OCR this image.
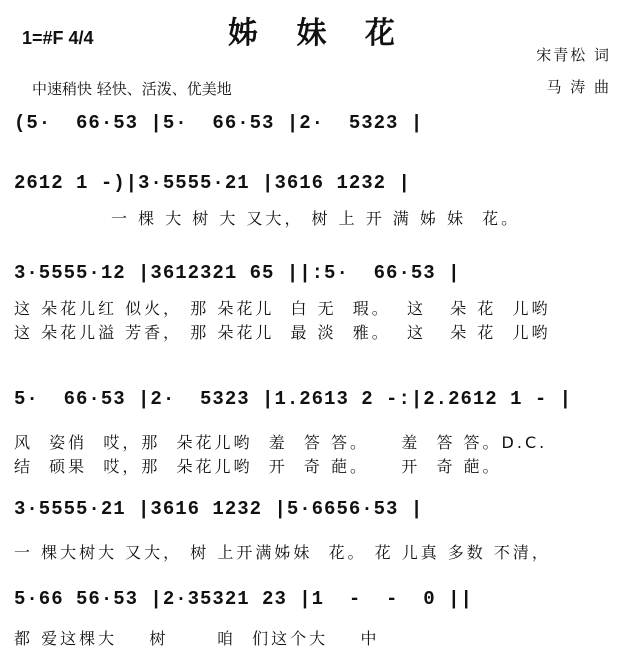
姊 妹 花
1=#F 4/4
中速稍快 轻快、活泼、优美地
宋青松 词
马 涛 曲
(5·  66·53 |5·  66·53 |2·  5323 |
2612 1 -)|3·5555·21 |3616 1232 |
一 棵 大 树 大 又大， 树 上 开 满 姊 妹  花。
3·5555·12 |3612321 65 ||:5·  66·53 |
这 朵花儿红 似火， 那 朵花儿  白 无  瑕。  这   朵 花  儿哟
这 朵花儿溢 芳香， 那 朵花儿  最 淡  雅。  这   朵 花  儿哟
5·  66·53 |2·  5323 |1.2613 2 -:|2.2612 1 - |
风  姿俏  哎，那  朵花儿哟  羞  答 答。    羞  答 答。D.C.
结  硕果  哎，那  朵花儿哟  开  奇 葩。    开  奇 葩。
3·5555·21 |3616 1232 |5·6656·53 |
一 棵大树大 又大， 树 上开满姊妹  花。 花 儿真 多数 不清，
5·66 56·53 |2·35321 23 |1  -  -  0 ||
都 爱这棵大    树      咱  们这个大    中
